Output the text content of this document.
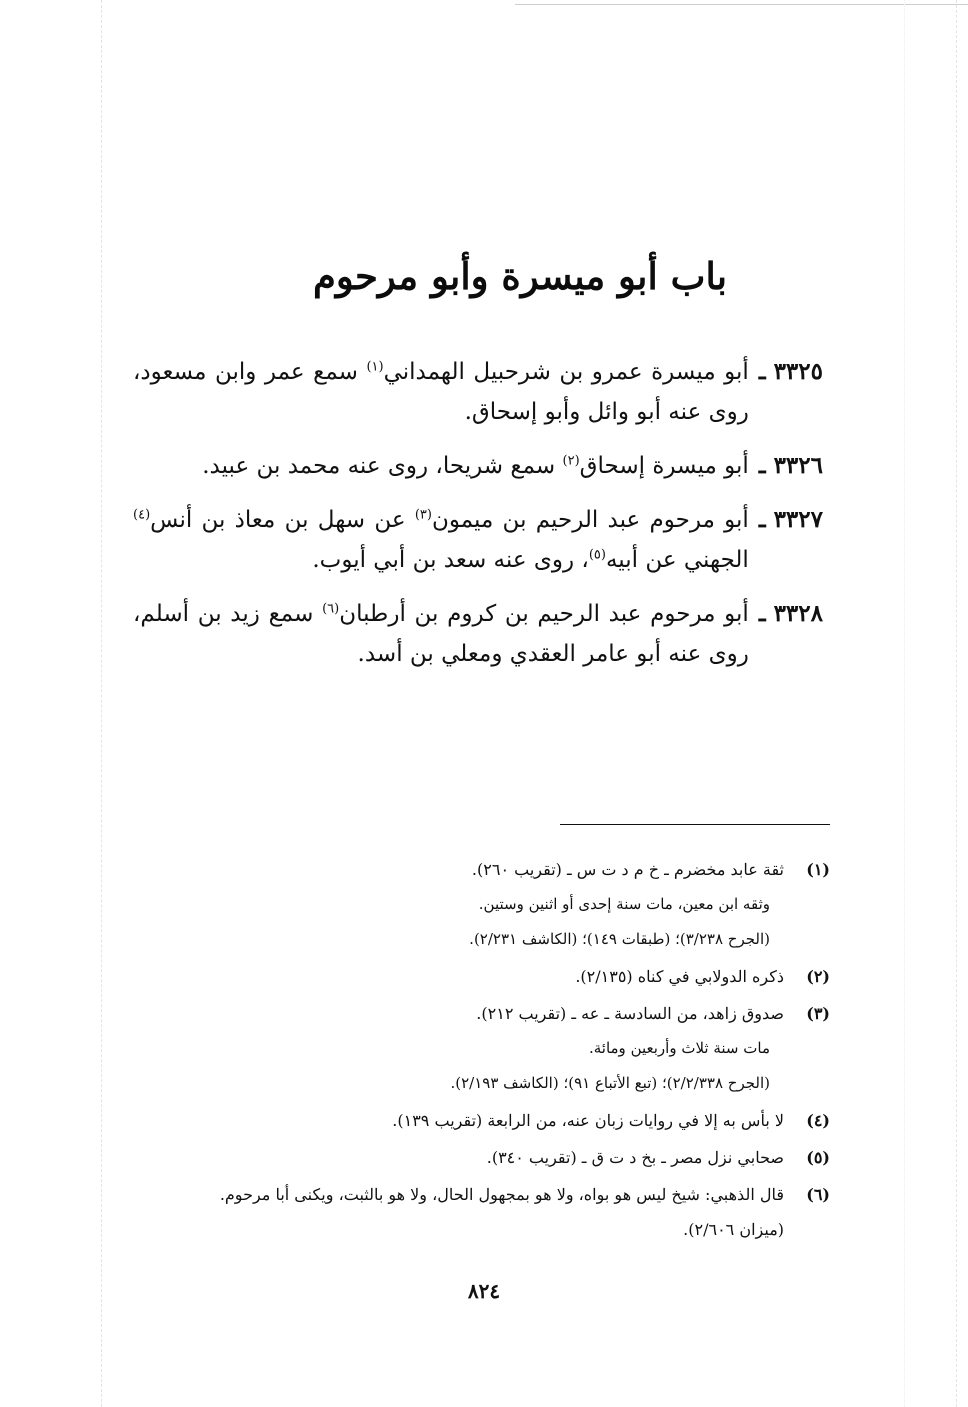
باب أبو ميسرة وأبو مرحوم
٣٣٢٥ ـ
أبو ميسرة عمرو بن شرحبيل الهمداني$^{(١)}$ سمع عمر وابن مسعود، روى عنه أبو وائل وأبو إسحاق.
٣٣٢٦ ـ
أبو ميسرة إسحاق$^{(٢)}$ سمع شريحا، روى عنه محمد بن عبيد.
٣٣٢٧ ـ
أبو مرحوم عبد الرحيم بن ميمون$^{(٣)}$ عن سهل بن معاذ بن أنس$^{(٤)}$ الجهني عن أبيه$^{(٥)}$، روى عنه سعد بن أبي أيوب.
٣٣٢٨ ـ
أبو مرحوم عبد الرحيم بن كروم بن أرطبان$^{(٦)}$ سمع زيد بن أسلم، روى عنه أبو عامر العقدي ومعلي بن أسد.
(١)
ثقة عابد مخضرم ـ خ م د ت س ـ (تقريب ٢٦٠).
وثقه ابن معين، مات سنة إحدى أو اثنين وستين.
(الجرح ٣/٢٣٨)؛ (طبقات ١٤٩)؛ (الكاشف ٢/٢٣١).
(٢)
ذكره الدولابي في كناه (٢/١٣٥).
(٣)
صدوق زاهد، من السادسة ـ عه ـ (تقريب ٢١٢).
مات سنة ثلاث وأربعين ومائة.
(الجرح ٢/٢/٣٣٨)؛ (تبع الأتباع ٩١)؛ (الكاشف ٢/١٩٣).
(٤)
لا بأس به إلا في روايات زبان عنه، من الرابعة (تقريب ١٣٩).
(٥)
صحابي نزل مصر ـ بخ د ت ق ـ (تقريب ٣٤٠).
(٦)
قال الذهبي: شيخ ليس هو بواه، ولا هو بمجهول الحال، ولا هو بالثبت، ويكنى أبا مرحوم.
(ميزان ٢/٦٠٦).
٨٢٤
